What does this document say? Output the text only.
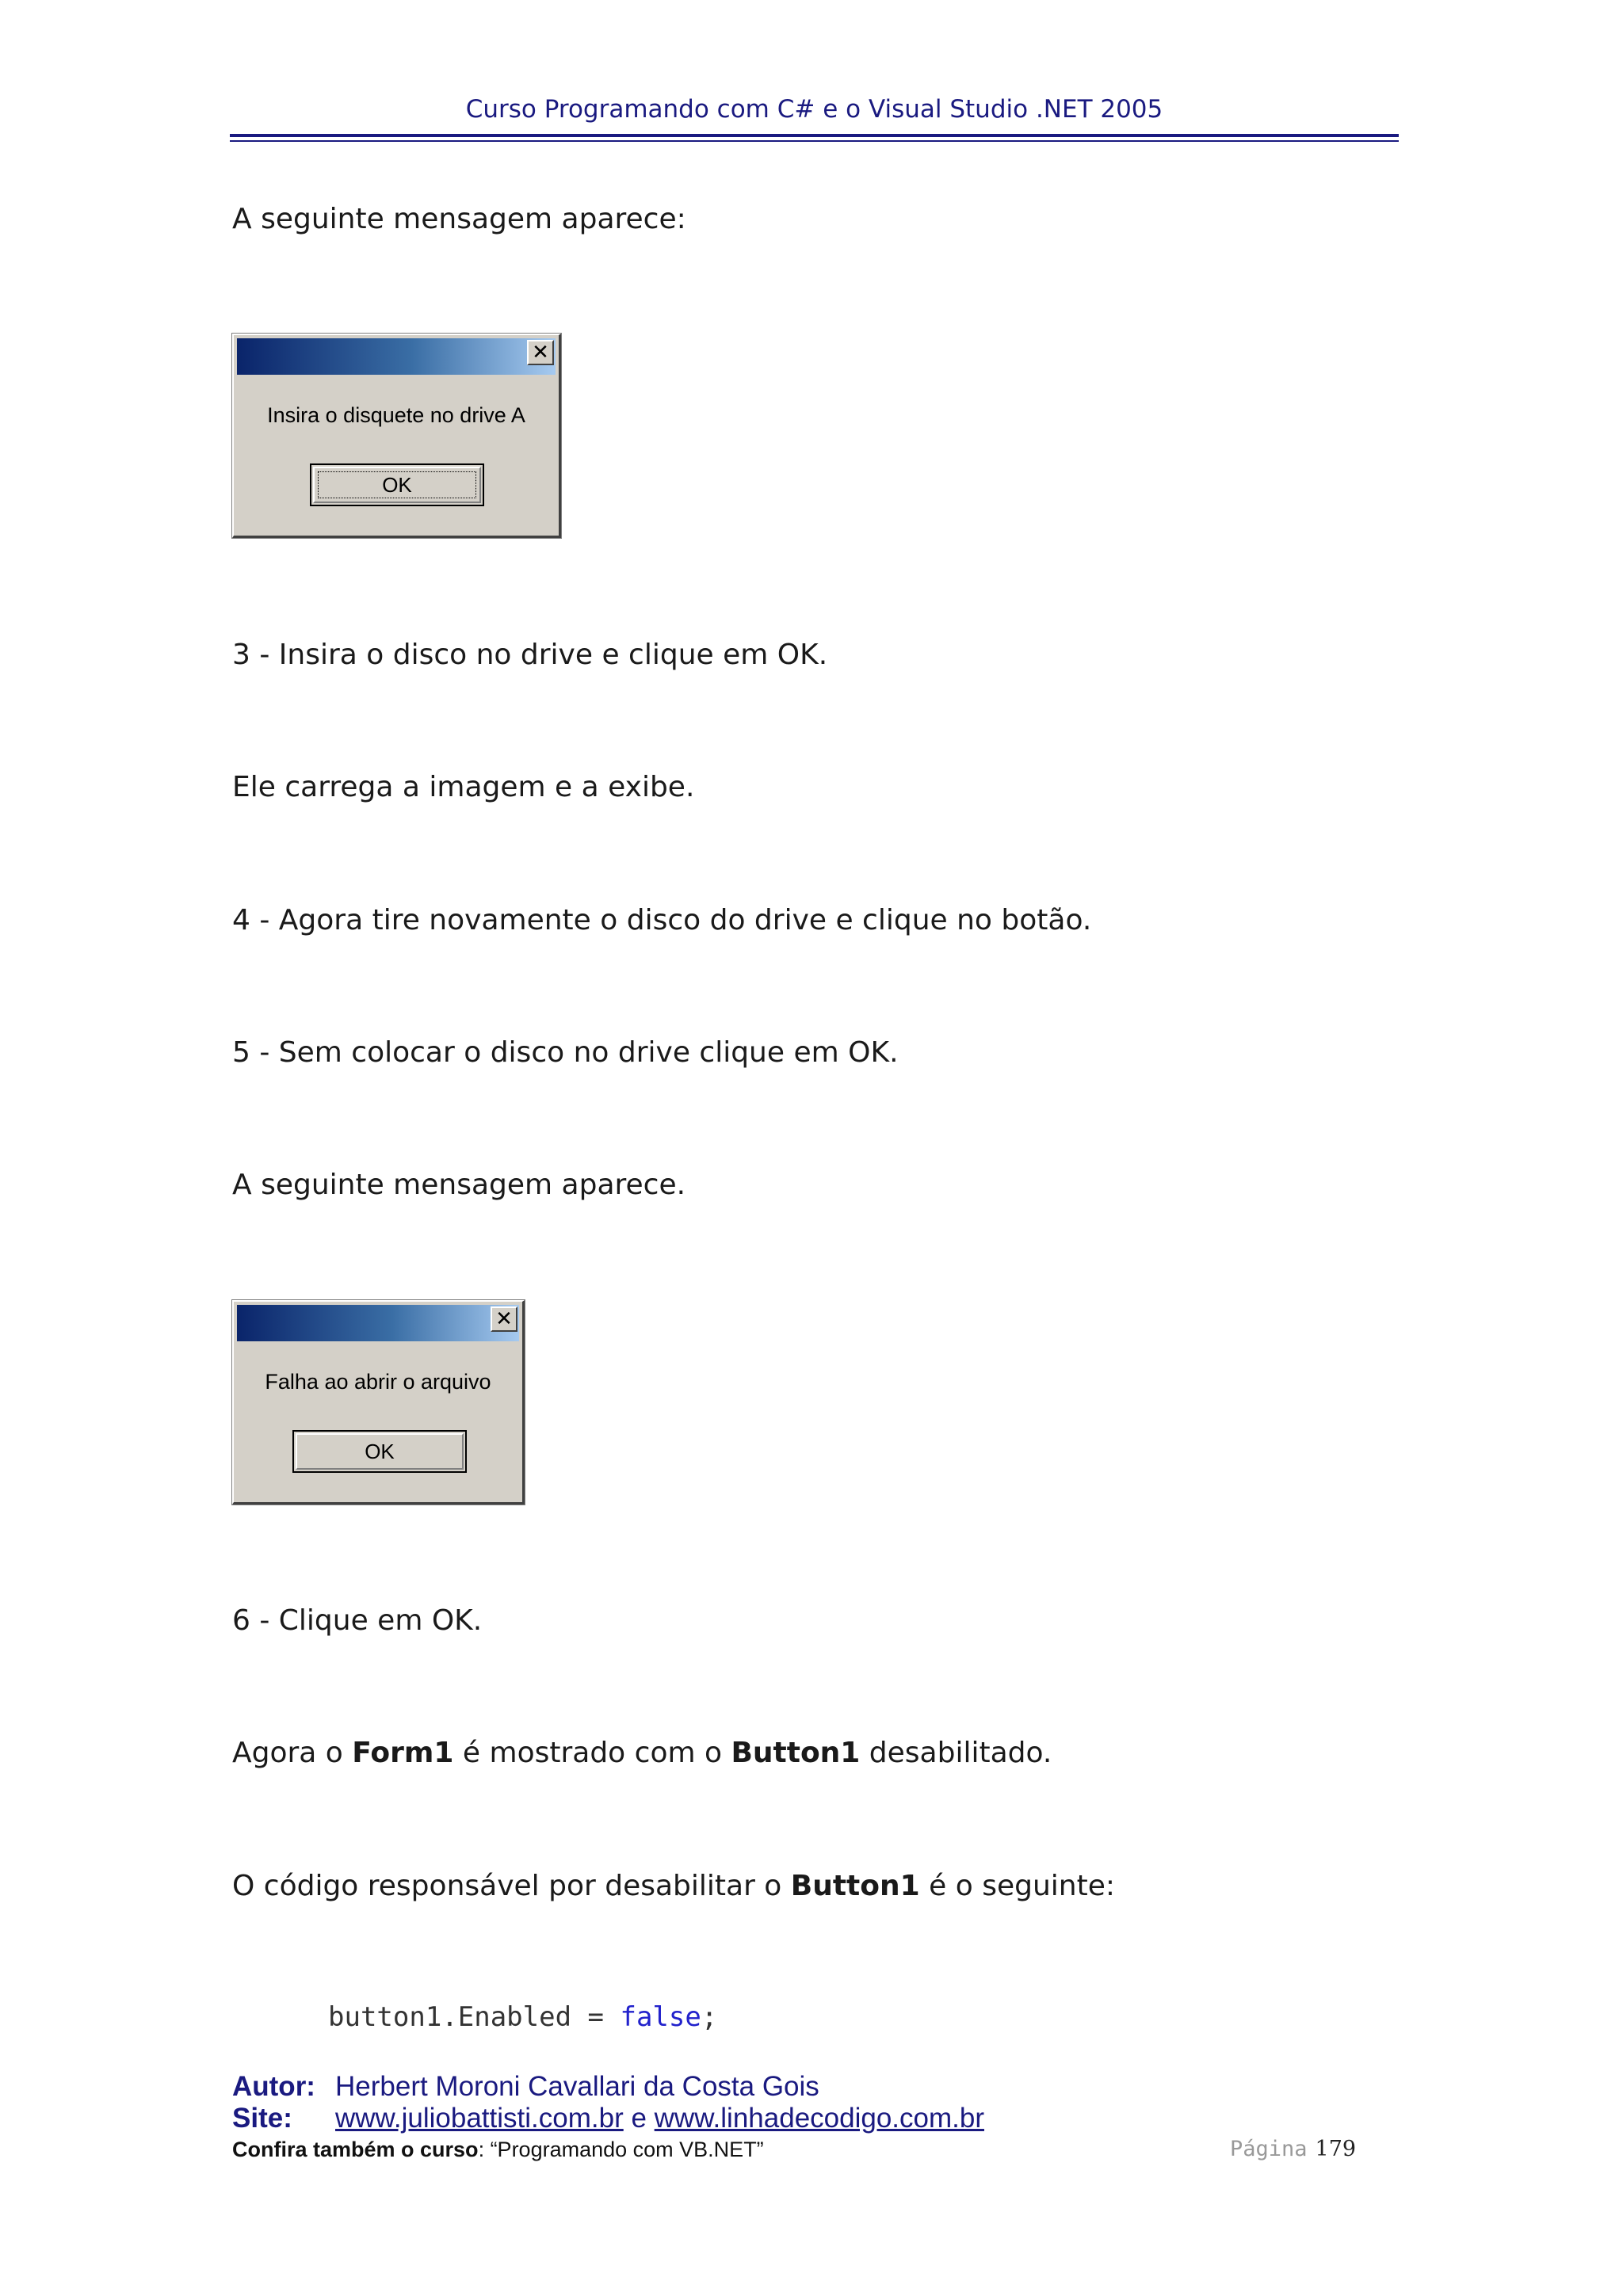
Curso Programando com C# e o Visual Studio .NET 2005
A seguinte mensagem aparece:
✕
Insira o disquete no drive A
OK
3 - Insira o disco no drive e clique em OK.
Ele carrega a imagem e a exibe.
4 - Agora tire novamente o disco do drive e clique no botão.
5 - Sem colocar o disco no drive clique em OK.
A seguinte mensagem aparece.
✕
Falha ao abrir o arquivo
OK
6 - Clique em OK.
Agora o Form1 é mostrado com o Button1 desabilitado.
O código responsável por desabilitar o Button1 é o seguinte:
button1.Enabled = false;
Autor: Herbert Moroni Cavallari da Costa Gois
Site: www.juliobattisti.com.br e www.linhadecodigo.com.br
Confira também o curso: “Programando com VB.NET”	Página 179
